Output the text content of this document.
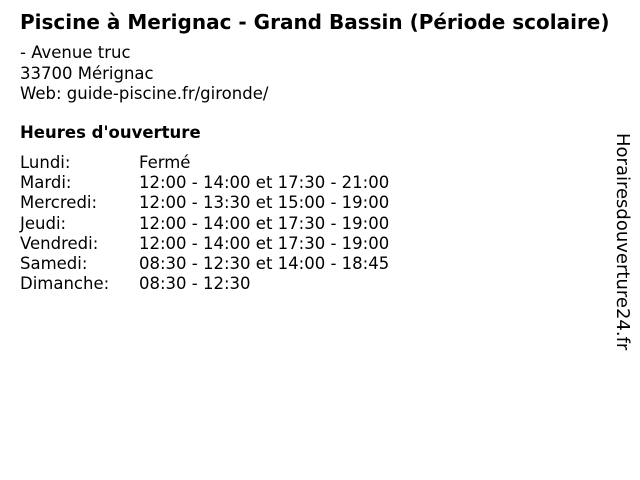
Piscine à Merignac - Grand Bassin (Période scolaire)
- Avenue truc
33700 Mérignac
Web: guide-piscine.fr/gironde/
Heures d'ouverture
Lundi:	Fermé
Mardi:	12:00 - 14:00 et 17:30 - 21:00
Mercredi:	12:00 - 13:30 et 15:00 - 19:00
Jeudi:	12:00 - 14:00 et 17:30 - 19:00
Vendredi:	12:00 - 14:00 et 17:30 - 19:00
Samedi:	08:30 - 12:30 et 14:00 - 18:45
Dimanche:	08:30 - 12:30	Horairesdouverture24.fr
